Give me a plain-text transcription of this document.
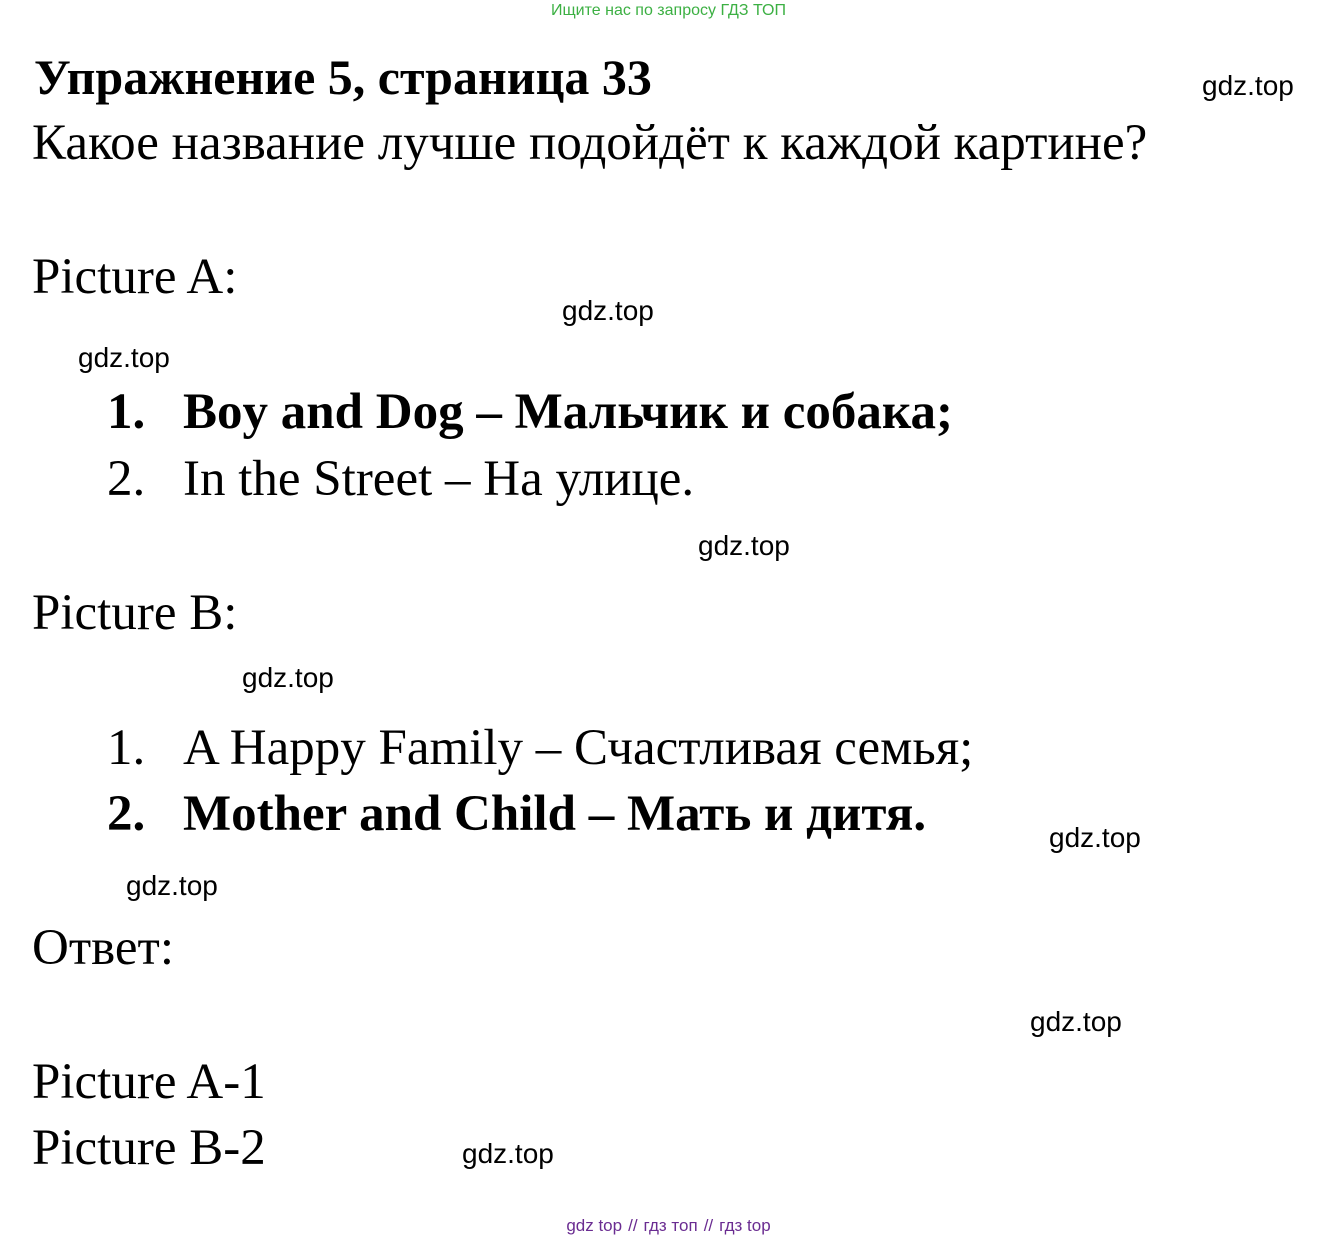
Ищите нас по запросу ГДЗ ТОП
Упражнение 5, страница 33	gdz.top
Какое название лучше подойдёт к каждой картине?
Picture A:
gdz.top
gdz.top
1. Boy and Dog – Мальчик и собака;
2. In the Street – На улице.
gdz.top
Picture B:
gdz.top
1. A Happy Family – Счастливая семья;
2. Mother and Child – Мать и дитя.	gdz.top
gdz.top
Ответ:
gdz.top
Picture A-1
Picture B-2	gdz.top
gdz top // гдз топ // гдз top
